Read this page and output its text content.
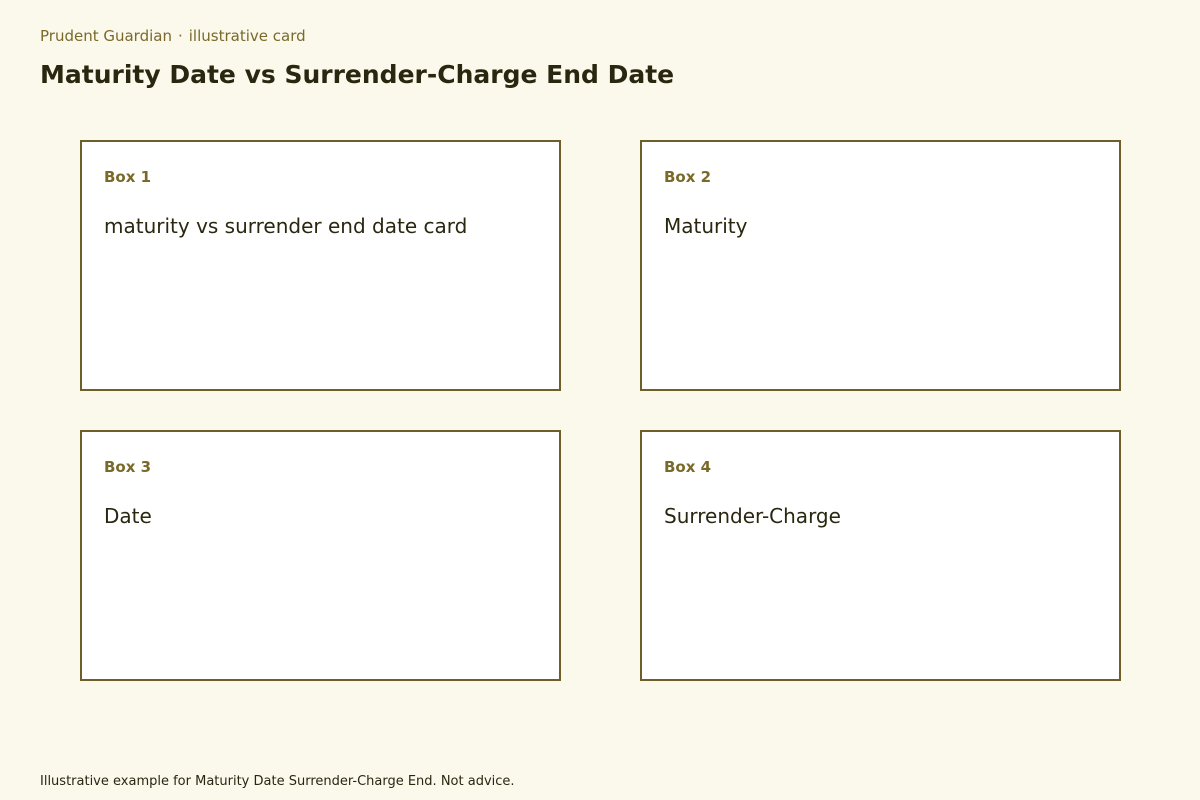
Prudent Guardian · illustrative card
Maturity Date vs Surrender-Charge End Date
Box 1
maturity vs surrender end date card
Box 2
Maturity
Box 3
Date
Box 4
Surrender-Charge
Illustrative example for Maturity Date Surrender-Charge End. Not advice.
